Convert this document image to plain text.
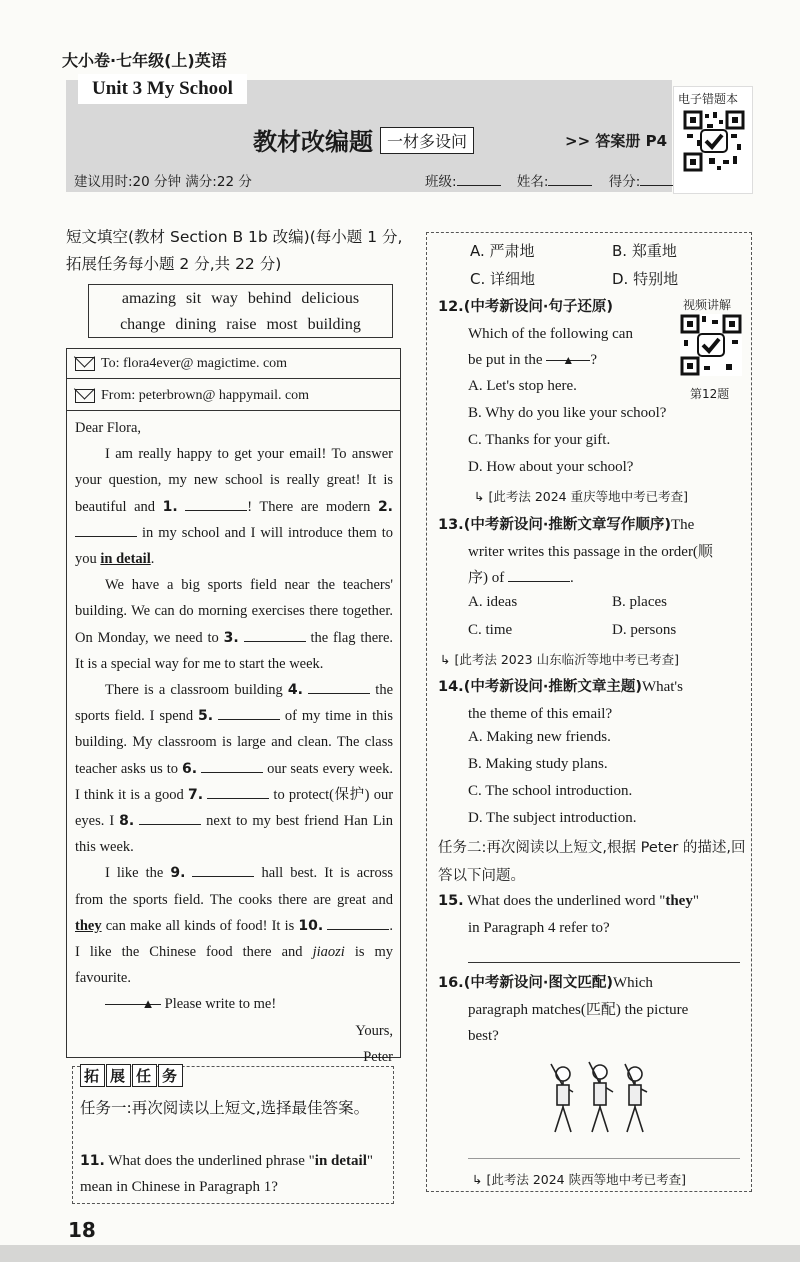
大小卷·七年级(上)英语
Unit 3 My School
教材改编题 一材多设问	>> 答案册 P4
建议用时:20 分钟 满分:22 分	班级:	姓名:	得分:
电子错题本
短文填空(教材 Section B 1b 改编)(每小题 1 分,拓展任务每小题 2 分,共 22 分)
amazing sit way behind delicious
change dining raise most building
To: flora4ever@ magictime. com
From: peterbrown@ happymail. com

Dear Flora,

I am really happy to get your email! To answer your question, my new school is really great! It is beautiful and 1.	! There are modern 2.  in my school and I will introduce them to you in detail.

We have a big sports field near the teachers' building. We can do morning exercises there together. On Monday, we need to 3.	the flag there. It is a special way for me to start the week.

There is a classroom building 4.	the sports field. I spend 5.	of my time in this building. My classroom is large and clean. The class teacher asks us to 6.	our seats every week. I think it is a good 7.	to protect(保护) our eyes. I 8.	next to my best friend Han Lin this week.

I like the 9.	hall best. It is across from the sports field. The cooks there are great and they can make all kinds of food! It is 10.	. I like the Chinese food there and jiaozi is my favourite.

▲ Please write to me!

Yours,

Peter

拓 展 任 务
任务一:再次阅读以上短文,选择最佳答案。
11. What does the underlined phrase "in detail" mean in Chinese in Paragraph 1?
A. 严肃地	B. 郑重地
C. 详细地	D. 特别地
12.(中考新设问·句子还原)
Which of the following can
be put in the ▲ ?
视频讲解
第12题
A. Let's stop here.
B. Why do you like your school?
C. Thanks for your gift.
D. How about your school?
↳ [此考法 2024 重庆等地中考已考查]
13.(中考新设问·推断文章写作顺序)The
writer writes this passage in the order(顺
序) of	.
A. ideas	B. places
C. time	D. persons
↳ [此考法 2023 山东临沂等地中考已考查]
14.(中考新设问·推断文章主题)What's
the theme of this email?
A. Making new friends.
B. Making study plans.
C. The school introduction.
D. The subject introduction.
任务二:再次阅读以上短文,根据 Peter 的描述,回答以下问题。
15. What does the underlined word "they"
in Paragraph 4 refer to?
16.(中考新设问·图文匹配)Which
paragraph matches(匹配) the picture
best?
↳ [此考法 2024 陕西等地中考已考查]
18
